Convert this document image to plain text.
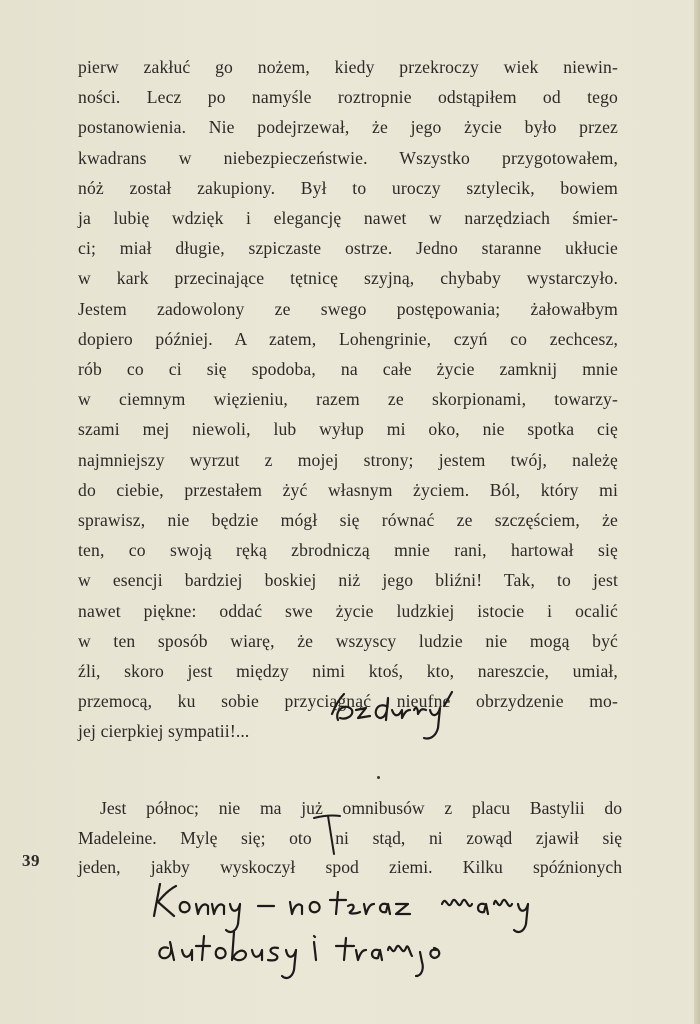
pierw zakłuć go nożem, kiedy przekroczy wiek niewin-
ności. Lecz po namyśle roztropnie odstąpiłem od tego
postanowienia. Nie podejrzewał, że jego życie było przez
kwadrans w niebezpieczeństwie. Wszystko przygotowałem,
nóż został zakupiony. Był to uroczy sztylecik, bowiem
ja lubię wdzięk i elegancję nawet w narzędziach śmier-
ci; miał długie, szpiczaste ostrze. Jedno staranne ukłucie
w kark przecinające tętnicę szyjną, chybaby wystarczyło.
Jestem zadowolony ze swego postępowania; żałowałbym
dopiero później. A zatem, Lohengrinie, czyń co zechcesz,
rób co ci się spodoba, na całe życie zamknij mnie
w ciemnym więzieniu, razem ze skorpionami, towarzy-
szami mej niewoli, lub wyłup mi oko, nie spotka cię
najmniejszy wyrzut z mojej strony; jestem twój, należę
do ciebie, przestałem żyć własnym życiem. Ból, który mi
sprawisz, nie będzie mógł się równać ze szczęściem, że
ten, co swoją ręką zbrodniczą mnie rani, hartował się
w esencji bardziej boskiej niż jego bliźni! Tak, to jest
nawet piękne: oddać swe życie ludzkiej istocie i ocalić
w ten sposób wiarę, że wszyscy ludzie nie mogą być
źli, skoro jest między nimi ktoś, kto, nareszcie, umiał,
przemocą, ku sobie przyciągnąć nieufne obrzydzenie mo-
jej cierpkiej sympatii!...
Jest północ; nie ma już omnibusów z placu Bastylii do
Madeleine. Mylę się; oto ni stąd, ni zowąd zjawił się
jeden, jakby wyskoczył spod ziemi. Kilku spóźnionych
39
